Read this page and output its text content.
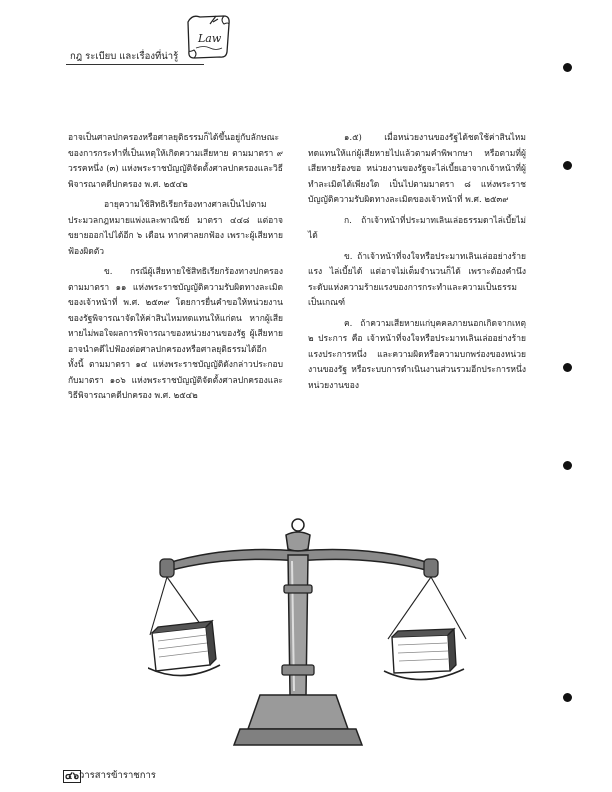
กฎ ระเบียบ และเรื่องที่น่ารู้
Law

อาจเป็นศาลปกครองหรือศาลยุติธรรมก็ได้ขึ้นอยู่กับลักษณะของการกระทำที่เป็นเหตุให้เกิดความเสียหาย ตามมาตรา ๙ วรรคหนึ่ง (๓) แห่งพระราชบัญญัติจัดตั้งศาลปกครองและวิธีพิจารณาคดีปกครอง พ.ศ. ๒๕๔๒

อายุความใช้สิทธิเรียกร้องทางศาลเป็นไปตามประมวลกฎหมายแพ่งและพาณิชย์ มาตรา ๔๔๘ แต่อาจขยายออกไปได้อีก ๖ เดือน หากศาลยกฟ้อง เพราะผู้เสียหายฟ้องผิดตัว

ข. กรณีผู้เสียหายใช้สิทธิเรียกร้องทางปกครองตามมาตรา ๑๑ แห่งพระราชบัญญัติความรับผิดทางละเมิดของเจ้าหน้าที่ พ.ศ. ๒๕๓๙ โดยการยื่นคำขอให้หน่วยงานของรัฐพิจารณาจัดให้ค่าสินไหมทดแทนให้แก่ตน หากผู้เสียหายไม่พอใจผลการพิจารณาของหน่วยงานของรัฐ ผู้เสียหายอาจนำคดีไปฟ้องต่อศาลปกครองหรือศาลยุติธรรมได้อีก ทั้งนี้ ตามมาตรา ๑๔ แห่งพระราชบัญญัติดังกล่าวประกอบกับมาตรา ๑๐๖ แห่งพระราชบัญญัติจัดตั้งศาลปกครองและวิธีพิจารณาคดีปกครอง พ.ศ. ๒๕๔๒

๑.๕) เมื่อหน่วยงานของรัฐได้ชดใช้ค่าสินไหมทดแทนให้แก่ผู้เสียหายไปแล้วตามคำพิพากษา หรือตามที่ผู้เสียหายร้องขอ หน่วยงานของรัฐจะไล่เบี้ยเอาจากเจ้าหน้าที่ผู้ทำละเมิดได้เพียงใด เป็นไปตามมาตรา ๘ แห่งพระราชบัญญัติความรับผิดทางละเมิดของเจ้าหน้าที่ พ.ศ. ๒๕๓๙

ก. ถ้าเจ้าหน้าที่ประมาทเลินเล่อธรรมดาไล่เบี้ยไม่ได้

ข. ถ้าเจ้าหน้าที่จงใจหรือประมาทเลินเล่ออย่างร้ายแรง ไล่เบี้ยได้ แต่อาจไม่เต็มจำนวนก็ได้ เพราะต้องคำนึงระดับแห่งความร้ายแรงของการกระทำและความเป็นธรรมเป็นเกณฑ์

ค. ถ้าความเสียหายแก่บุคคลภายนอกเกิดจากเหตุ ๒ ประการ คือ เจ้าหน้าที่จงใจหรือประมาทเลินเล่ออย่างร้ายแรงประการหนึ่ง และความผิดหรือความบกพร่องของหน่วยงานของรัฐ หรือระบบการดำเนินงานส่วนรวมอีกประการหนึ่ง หน่วยงานของ

๔๖ วารสารข้าราชการ
